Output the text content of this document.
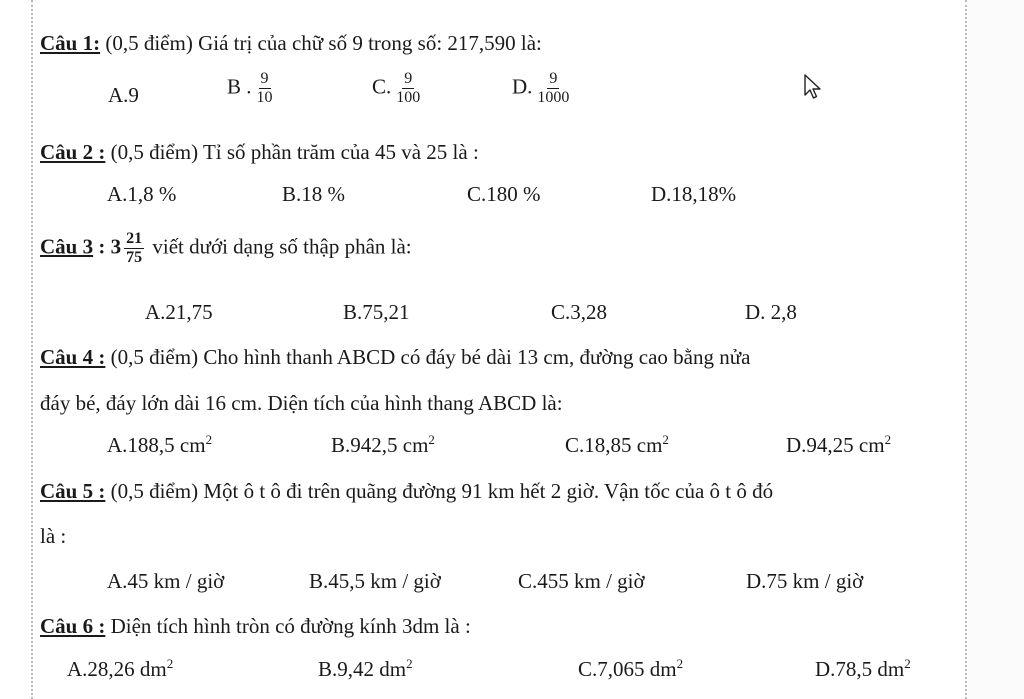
Câu 1: (0,5 điểm) Giá trị của chữ số 9 trong số: 217,590 là:
A.9	B . $\frac{9}{10}$	C. $\frac{9}{100}$	D. $\frac{9}{1000}$
Câu 2 : (0,5 điểm) Tỉ số phần trăm của 45 và 25 là :
A.1,8 %	B.18 %	C.180 %	D.18,18%
Câu 3 : $3 \frac{21}{75}$ viết dưới dạng số thập phân là:
A.21,75	B.75,21	C.3,28	D. 2,8
Câu 4 : (0,5 điểm) Cho hình thanh ABCD có đáy bé dài 13 cm, đường cao bằng nửa
đáy bé, đáy lớn dài 16 cm. Diện tích của hình thang ABCD là:
A.188,5 $cm^2$	B.942,5 $cm^2$	C.18,85 $cm^2$	D.94,25 $cm^2$
Câu 5 : (0,5 điểm) Một ô t ô đi trên quãng đường 91 km hết 2 giờ. Vận tốc của ô t ô đó
là :
A.45 km / giờ	B.45,5 km / giờ	C.455 km / giờ	D.75 km / giờ
Câu 6 : Diện tích hình tròn có đường kính 3dm là :
A.28,26 $dm^2$	B.9,42 $dm^2$	C.7,065 $dm^2$	D.78,5 $dm^2$
